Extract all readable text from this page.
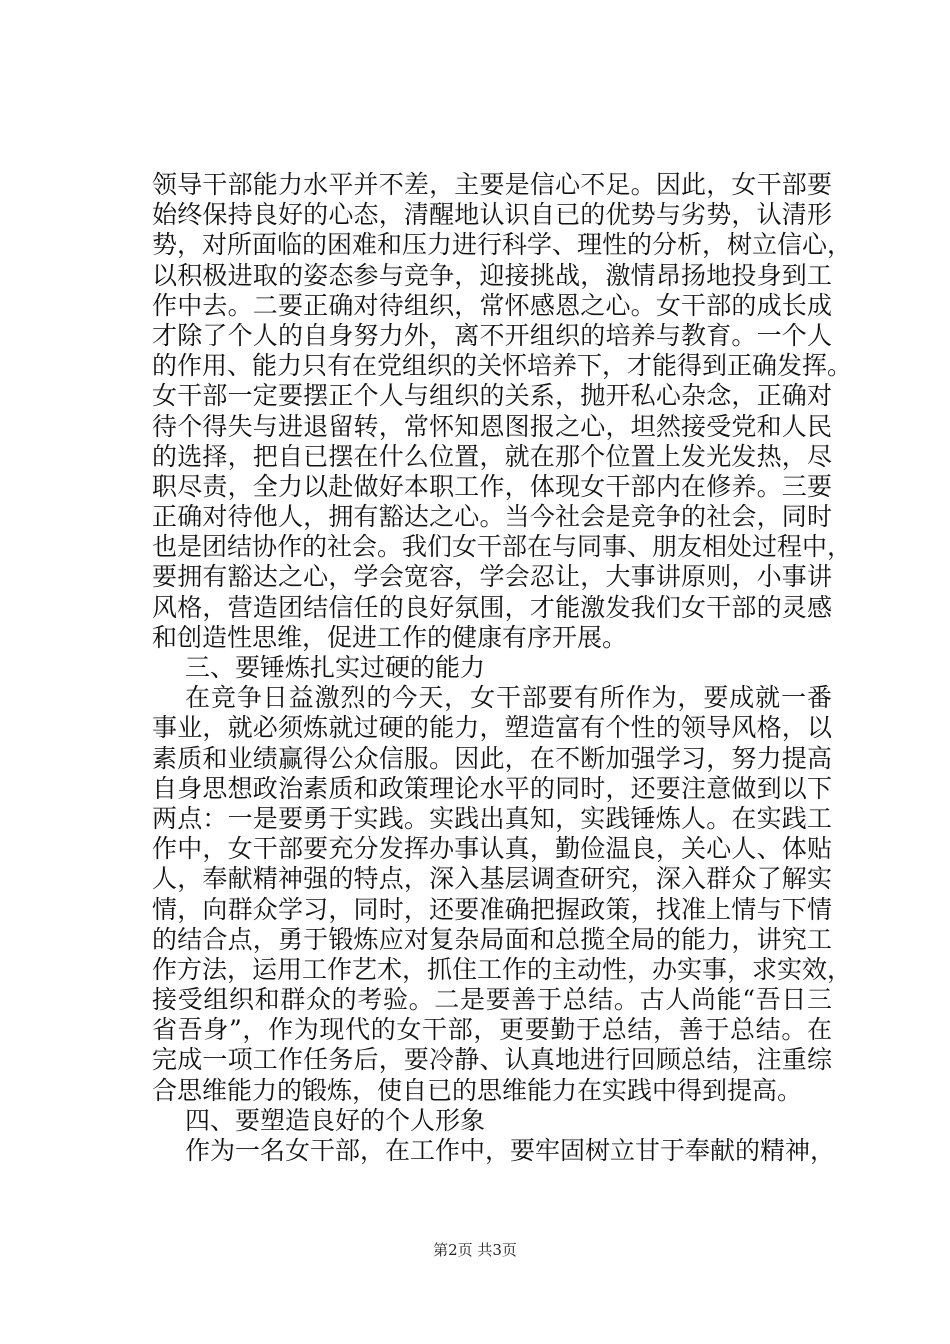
领导干部能力水平并不差，主要是信心不足。因此，女干部要
始终保持良好的心态，清醒地认识自已的优势与劣势，认清形
势，对所面临的困难和压力进行科学、理性的分析，树立信心，
以积极进取的姿态参与竞争，迎接挑战，激情昂扬地投身到工
作中去。二要正确对待组织，常怀感恩之心。女干部的成长成
才除了个人的自身努力外，离不开组织的培养与教育。一个人
的作用、能力只有在党组织的关怀培养下，才能得到正确发挥。
女干部一定要摆正个人与组织的关系，抛开私心杂念，正确对
待个得失与进退留转，常怀知恩图报之心，坦然接受党和人民
的选择，把自已摆在什么位置，就在那个位置上发光发热，尽
职尽责，全力以赴做好本职工作，体现女干部内在修养。三要
正确对待他人，拥有豁达之心。当今社会是竞争的社会，同时
也是团结协作的社会。我们女干部在与同事、朋友相处过程中，
要拥有豁达之心，学会宽容，学会忍让，大事讲原则，小事讲
风格，营造团结信任的良好氛围，才能激发我们女干部的灵感
和创造性思维，促进工作的健康有序开展。
三、要锤炼扎实过硬的能力
在竞争日益激烈的今天，女干部要有所作为，要成就一番
事业，就必须炼就过硬的能力，塑造富有个性的领导风格，以
素质和业绩赢得公众信服。因此，在不断加强学习，努力提高
自身思想政治素质和政策理论水平的同时，还要注意做到以下
两点：一是要勇于实践。实践出真知，实践锤炼人。在实践工
作中，女干部要充分发挥办事认真，勤俭温良，关心人、体贴
人，奉献精神强的特点，深入基层调查研究，深入群众了解实
情，向群众学习，同时，还要准确把握政策，找准上情与下情
的结合点，勇于锻炼应对复杂局面和总揽全局的能力，讲究工
作方法，运用工作艺术，抓住工作的主动性，办实事，求实效，
接受组织和群众的考验。二是要善于总结。古人尚能“吾日三
省吾身”，作为现代的女干部，更要勤于总结，善于总结。在
完成一项工作任务后，要冷静、认真地进行回顾总结，注重综
合思维能力的锻炼，使自已的思维能力在实践中得到提高。
四、要塑造良好的个人形象
作为一名女干部，在工作中，要牢固树立甘于奉献的精神，
第2页 共3页
